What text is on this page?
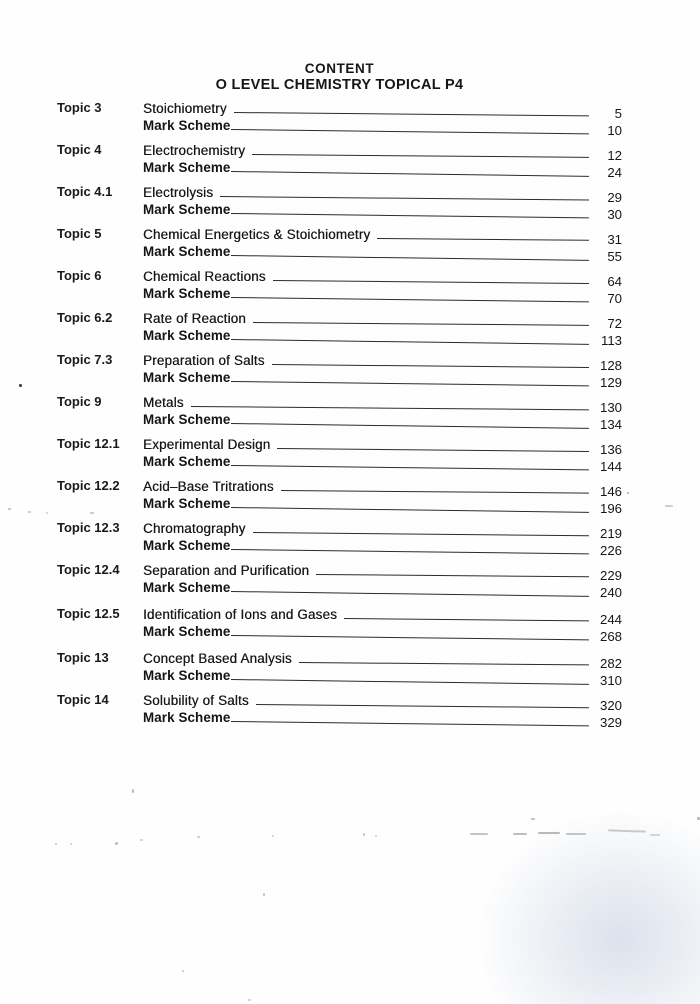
CONTENT
O LEVEL CHEMISTRY TOPICAL P4
Topic 3	Stoichiometry	5
Mark Scheme	10
Topic 4	Electrochemistry	12
Mark Scheme	24
Topic 4.1	Electrolysis	29
Mark Scheme	30
Topic 5	Chemical Energetics & Stoichiometry	31
Mark Scheme	55
Topic 6	Chemical Reactions	64
Mark Scheme	70
Topic 6.2	Rate of Reaction	72
Mark Scheme	113
Topic 7.3	Preparation of Salts	128
Mark Scheme	129
Topic 9	Metals	130
Mark Scheme	134
Topic 12.1	Experimental Design	136
Mark Scheme	144
Topic 12.2	Acid–Base Tritrations	146
Mark Scheme	196
Topic 12.3	Chromatography	219
Mark Scheme	226
Topic 12.4	Separation and Purification	229
Mark Scheme	240
Topic 12.5	Identification of Ions and Gases	244
Mark Scheme	268
Topic 13	Concept Based Analysis	282
Mark Scheme	310
Topic 14	Solubility of Salts	320
Mark Scheme	329
